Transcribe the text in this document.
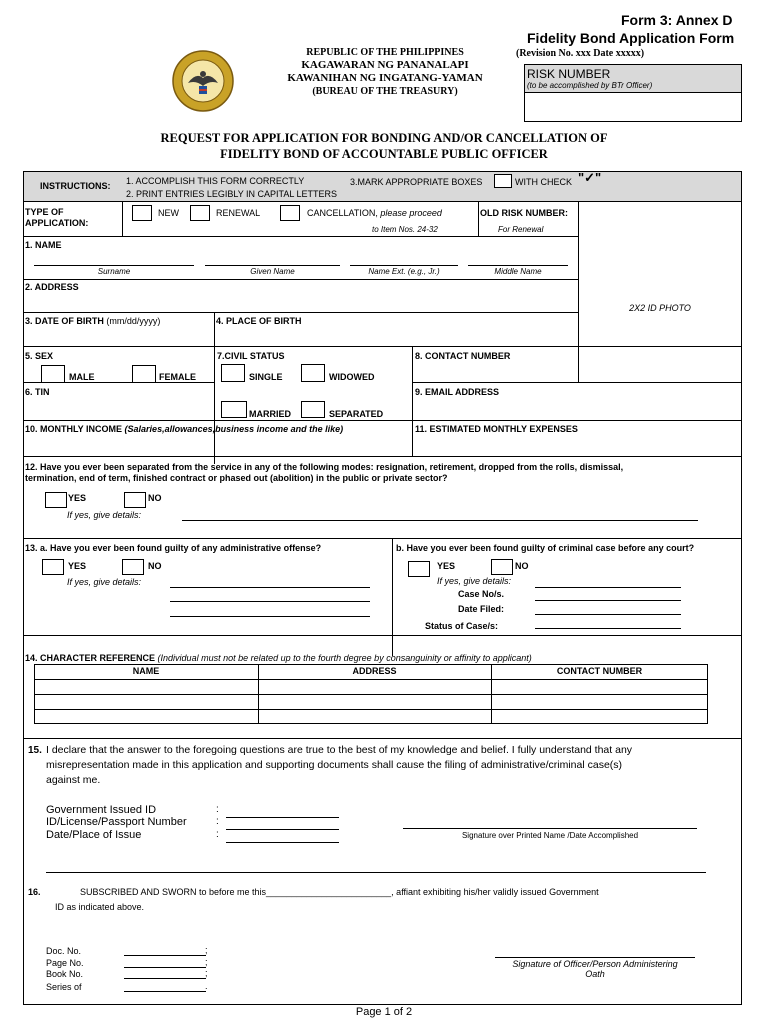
Form 3: Annex D
Fidelity Bond Application Form
(Revision No. xxx Date xxxxx)
REPUBLIC OF THE PHILIPPINES
KAGAWARAN NG PANANALAPI
KAWANIHAN NG INGATANG-YAMAN
(BUREAU OF THE TREASURY)
RISK NUMBER
(to be accomplished by BTr Officer)
REQUEST FOR APPLICATION FOR BONDING AND/OR CANCELLATION OF
FIDELITY BOND OF ACCOUNTABLE PUBLIC OFFICER
INSTRUCTIONS: 1. ACCOMPLISH THIS FORM CORRECTLY
2. PRINT ENTRIES LEGIBLY IN CAPITAL LETTERS
3.MARK APPROPRIATE BOXES	WITH CHECK "✓"
TYPE OF
APPLICATION:
NEW	RENEWAL	CANCELLATION, please proceed
to Item Nos. 24-32
OLD RISK NUMBER:
For Renewal
2X2 ID PHOTO
1. NAME
Surname	Given Name	Name Ext. (e.g., Jr.)	Middle Name
2. ADDRESS
3. DATE OF BIRTH (mm/dd/yyyy)	4. PLACE OF BIRTH
5. SEX
MALE	FEMALE
7.CIVIL STATUS
SINGLE	WIDOWED
8. CONTACT NUMBER
6. TIN
MARRIED	SEPARATED
9. EMAIL ADDRESS
10. MONTHLY INCOME (Salaries,allowances,business income and the like)	11. ESTIMATED MONTHLY EXPENSES
12. Have you ever been separated from the service in any of the following modes: resignation, retirement, dropped from the rolls, dismissal,
termination, end of term, finished contract or phased out (abolition) in the public or private sector?
YES	NO
If yes, give details:
13. a. Have you ever been found guilty of any administrative offense?
YES	NO
If yes, give details:
b. Have you ever been found guilty of criminal case before any court?
YES	NO
If yes, give details:
Case No/s.
Date Filed:
Status of Case/s:
14. CHARACTER REFERENCE (Individual must not be related up to the fourth degree by consanguinity or affinity to applicant)
NAME	ADDRESS	CONTACT NUMBER
15. I declare that the answer to the foregoing questions are true to the best of my knowledge and belief. I fully understand that any
misrepresentation made in this application and supporting documents shall cause the filing of administrative/criminal case(s)
against me.
Government Issued ID
ID/License/Passport Number
Date/Place of Issue
:
:
:	Signature over Printed Name /Date Accomplished
16.	SUBSCRIBED AND SWORN to before me this_________________________, affiant exhibiting his/her validly issued Government
ID as indicated above.
Doc. No.
Page No.
Book No.
Series of
;
;
;
.
Signature of Officer/Person Administering
Oath
Page 1 of 2
